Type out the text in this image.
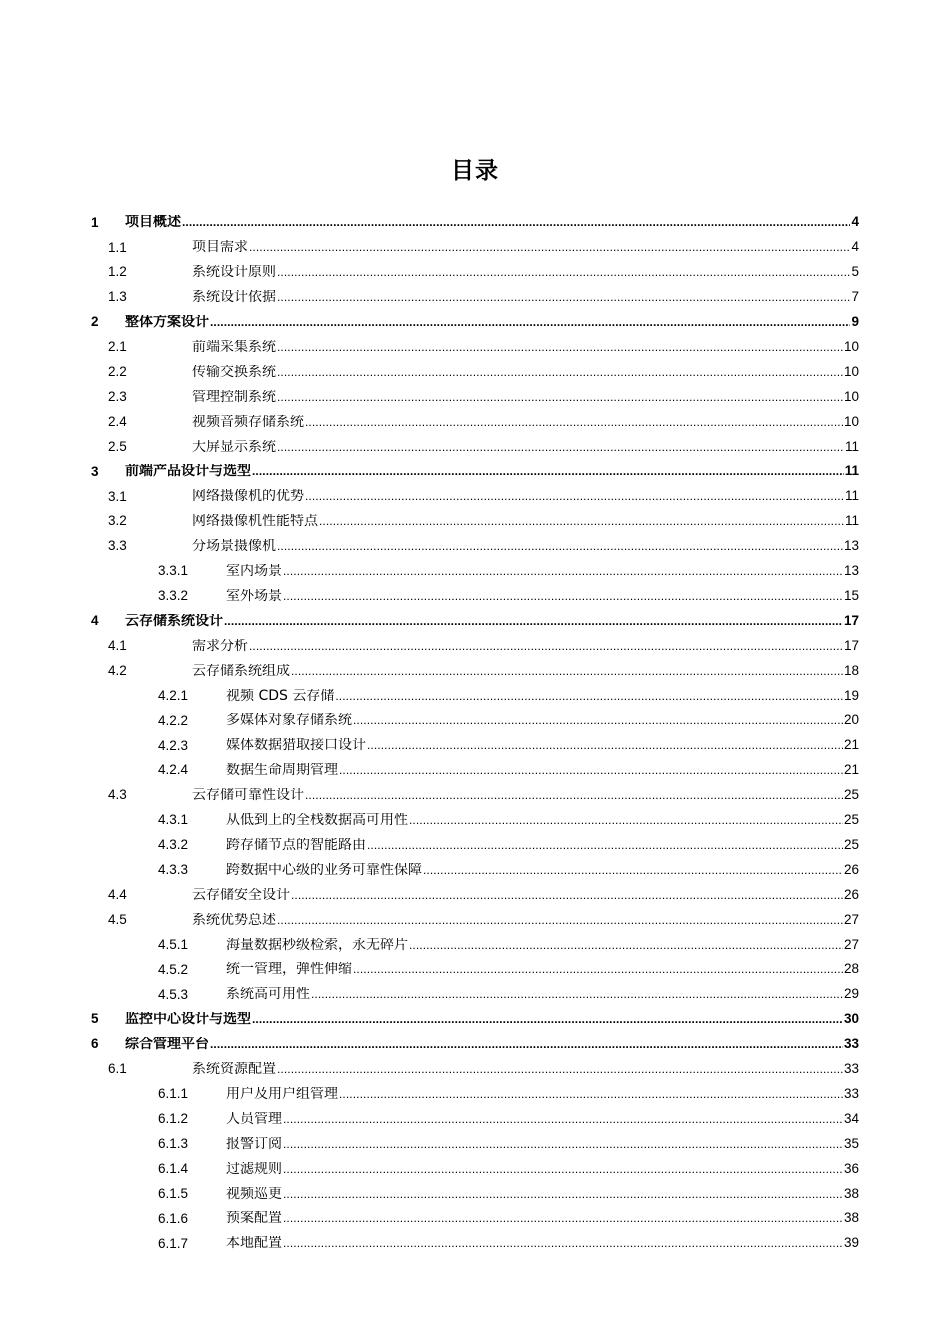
目录
1 项目概述 .....	4
1.1	项目需求 .....	4
1.2	系统设计原则 .....	5
1.3	系统设计依据 .....	7
2 整体方案设计 .....	9
2.1	前端采集系统 .....	10
2.2	传输交换系统 .....	10
2.3	管理控制系统 .....	10
2.4	视频音频存储系统 .....	10
2.5	大屏显示系统 .....	11
3 前端产品设计与选型 .....	11
3.1	网络摄像机的优势 .....	11
3.2	网络摄像机性能特点 .....	11
3.3	分场景摄像机 .....	13
3.3.1	室内场景 .....	13
3.3.2	室外场景 .....	15
4 云存储系统设计 .....	17
4.1	需求分析 .....	17
4.2	云存储系统组成 .....	18
4.2.1	视频 CDS 云存储 .....	19
4.2.2	多媒体对象存储系统 .....	20
4.2.3	媒体数据猎取接口设计 .....	21
4.2.4	数据生命周期管理 .....	21
4.3	云存储可靠性设计 .....	25
4.3.1	从低到上的全栈数据高可用性 .....	25
4.3.2	跨存储节点的智能路由 .....	25
4.3.3	跨数据中心级的业务可靠性保障 .....	26
4.4	云存储安全设计 .....	26
4.5	系统优势总述 .....	27
4.5.1	海量数据秒级检索，永无碎片 .....	27
4.5.2	统一管理，弹性伸缩 .....	28
4.5.3	系统高可用性 .....	29
5 监控中心设计与选型 .....	30
6 综合管理平台 .....	33
6.1	系统资源配置 .....	33
6.1.1	用户及用户组管理 .....	33
6.1.2	人员管理 .....	34
6.1.3	报警订阅 .....	35
6.1.4	过滤规则 .....	36
6.1.5	视频巡更 .....	38
6.1.6	预案配置 .....	38
6.1.7	本地配置 .....	39
